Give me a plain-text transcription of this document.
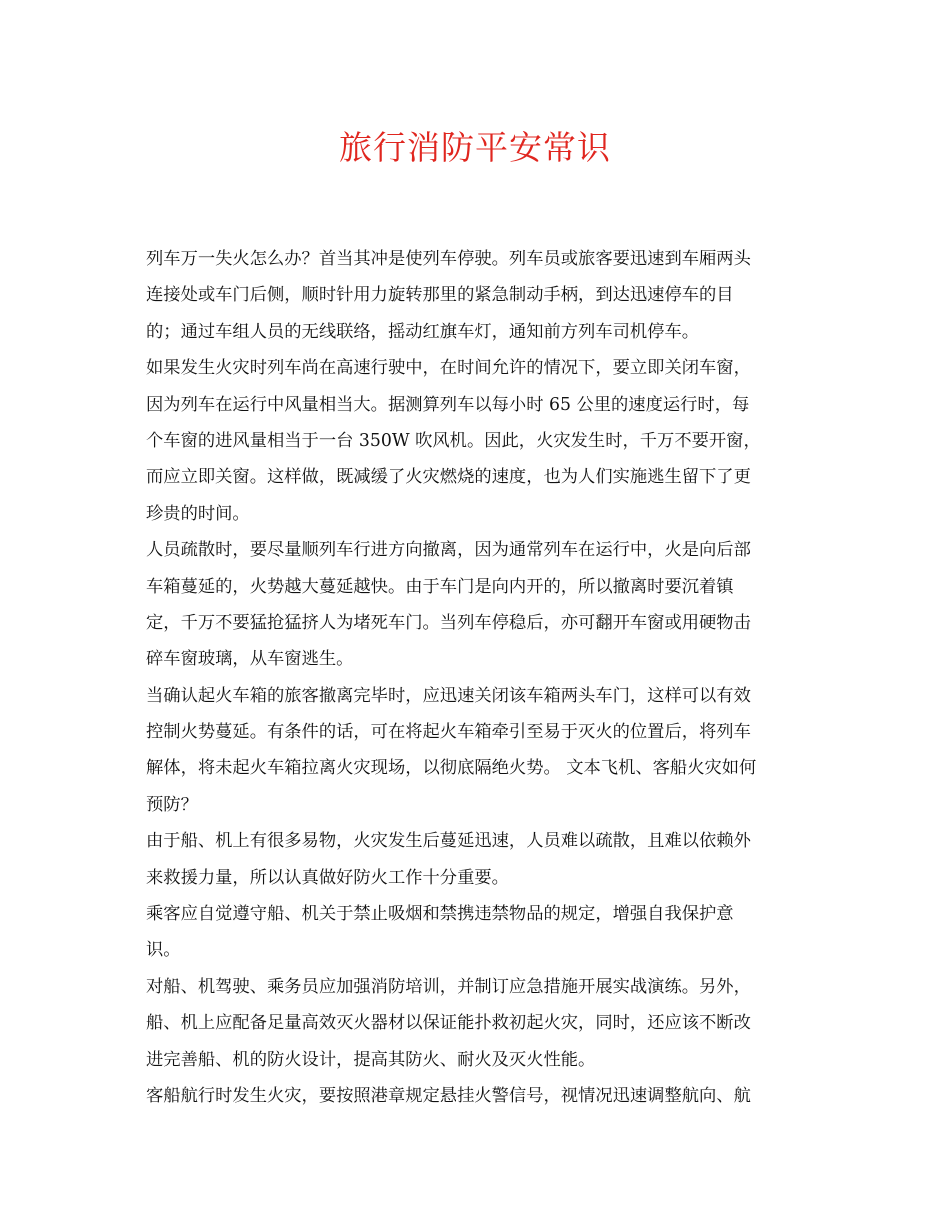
旅行消防平安常识
列车万一失火怎么办？首当其冲是使列车停驶。列车员或旅客要迅速到车厢两头
连接处或车门后侧，顺时针用力旋转那里的紧急制动手柄，到达迅速停车的目
的；通过车组人员的无线联络，摇动红旗车灯，通知前方列车司机停车。
如果发生火灾时列车尚在高速行驶中，在时间允许的情况下，要立即关闭车窗，
因为列车在运行中风量相当大。据测算列车以每小时 65 公里的速度运行时，每
个车窗的进风量相当于一台 350W 吹风机。因此，火灾发生时，千万不要开窗，
而应立即关窗。这样做，既减缓了火灾燃烧的速度，也为人们实施逃生留下了更
珍贵的时间。
人员疏散时，要尽量顺列车行进方向撤离，因为通常列车在运行中，火是向后部
车箱蔓延的，火势越大蔓延越快。由于车门是向内开的，所以撤离时要沉着镇
定，千万不要猛抢猛挤人为堵死车门。当列车停稳后，亦可翻开车窗或用硬物击
碎车窗玻璃，从车窗逃生。
当确认起火车箱的旅客撤离完毕时，应迅速关闭该车箱两头车门，这样可以有效
控制火势蔓延。有条件的话，可在将起火车箱牵引至易于灭火的位置后，将列车
解体，将未起火车箱拉离火灾现场，以彻底隔绝火势。 文本飞机、客船火灾如何
预防？
由于船、机上有很多易物，火灾发生后蔓延迅速，人员难以疏散，且难以依赖外
来救援力量，所以认真做好防火工作十分重要。
乘客应自觉遵守船、机关于禁止吸烟和禁携违禁物品的规定，增强自我保护意
识。
对船、机驾驶、乘务员应加强消防培训，并制订应急措施开展实战演练。另外，
船、机上应配备足量高效灭火器材以保证能扑救初起火灾，同时，还应该不断改
进完善船、机的防火设计，提高其防火、耐火及灭火性能。
客船航行时发生火灾，要按照港章规定悬挂火警信号，视情况迅速调整航向、航
